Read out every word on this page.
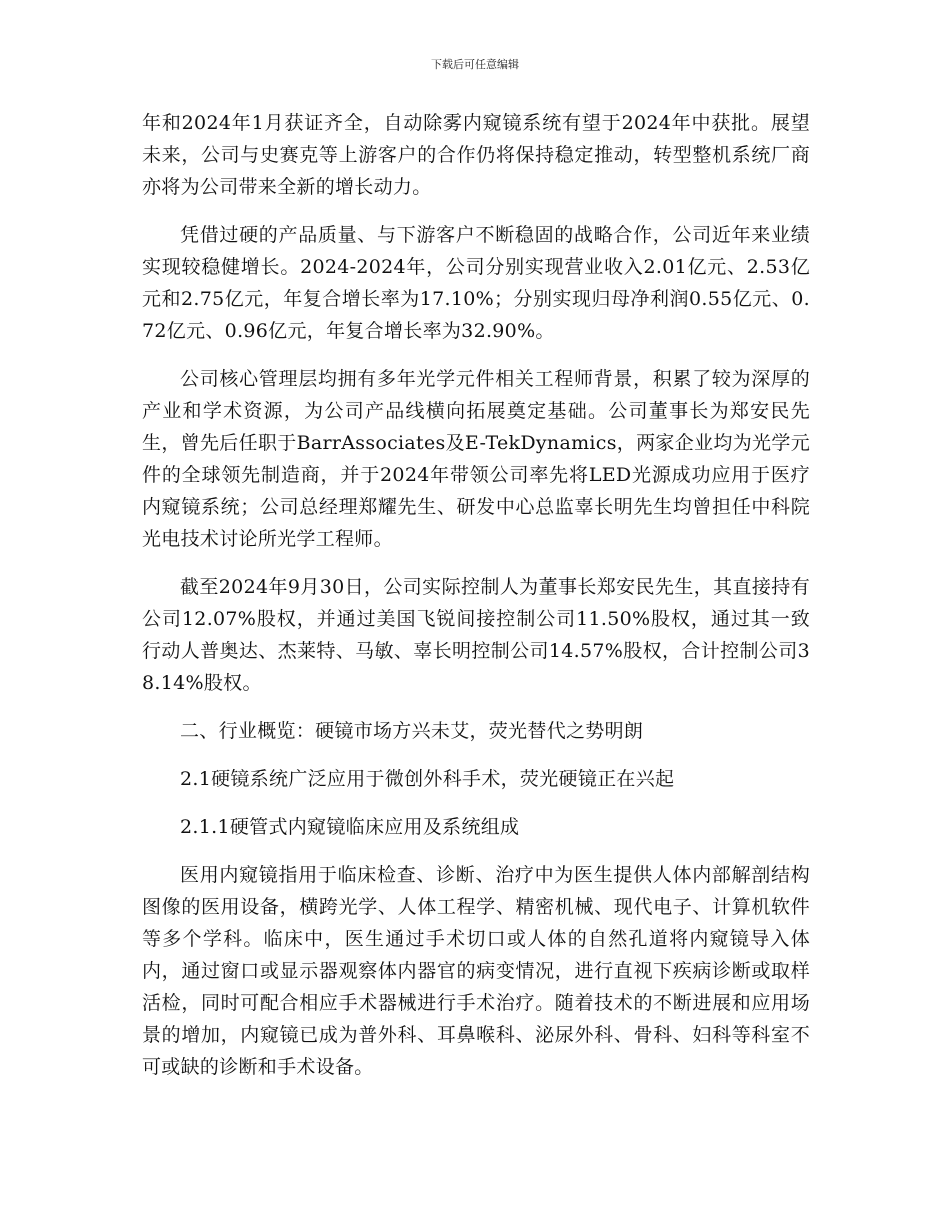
下载后可任意编辑

年和2024年1月获证齐全，自动除雾内窥镜系统有望于2024年中获批。展望未来，公司与史赛克等上游客户的合作仍将保持稳定推动，转型整机系统厂商亦将为公司带来全新的增长动力。

凭借过硬的产品质量、与下游客户不断稳固的战略合作，公司近年来业绩实现较稳健增长。2024-2024年，公司分别实现营业收入2.01亿元、2.53亿元和2.75亿元，年复合增长率为17.10%；分别实现归母净利润0.55亿元、0.72亿元、0.96亿元，年复合增长率为32.90%。

公司核心管理层均拥有多年光学元件相关工程师背景，积累了较为深厚的产业和学术资源，为公司产品线横向拓展奠定基础。公司董事长为郑安民先生，曾先后任职于BarrAssociates及E-TekDynamics，两家企业均为光学元件的全球领先制造商，并于2024年带领公司率先将LED光源成功应用于医疗内窥镜系统；公司总经理郑耀先生、研发中心总监辜长明先生均曾担任中科院光电技术讨论所光学工程师。

截至2024年9月30日，公司实际控制人为董事长郑安民先生，其直接持有公司12.07%股权，并通过美国飞锐间接控制公司11.50%股权，通过其一致行动人普奥达、杰莱特、马敏、辜长明控制公司14.57%股权，合计控制公司38.14%股权。

二、行业概览：硬镜市场方兴未艾，荧光替代之势明朗

2.1硬镜系统广泛应用于微创外科手术，荧光硬镜正在兴起

2.1.1硬管式内窥镜临床应用及系统组成

医用内窥镜指用于临床检查、诊断、治疗中为医生提供人体内部解剖结构图像的医用设备，横跨光学、人体工程学、精密机械、现代电子、计算机软件等多个学科。临床中，医生通过手术切口或人体的自然孔道将内窥镜导入体内，通过窗口或显示器观察体内器官的病变情况，进行直视下疾病诊断或取样活检，同时可配合相应手术器械进行手术治疗。随着技术的不断进展和应用场景的增加，内窥镜已成为普外科、耳鼻喉科、泌尿外科、骨科、妇科等科室不可或缺的诊断和手术设备。
